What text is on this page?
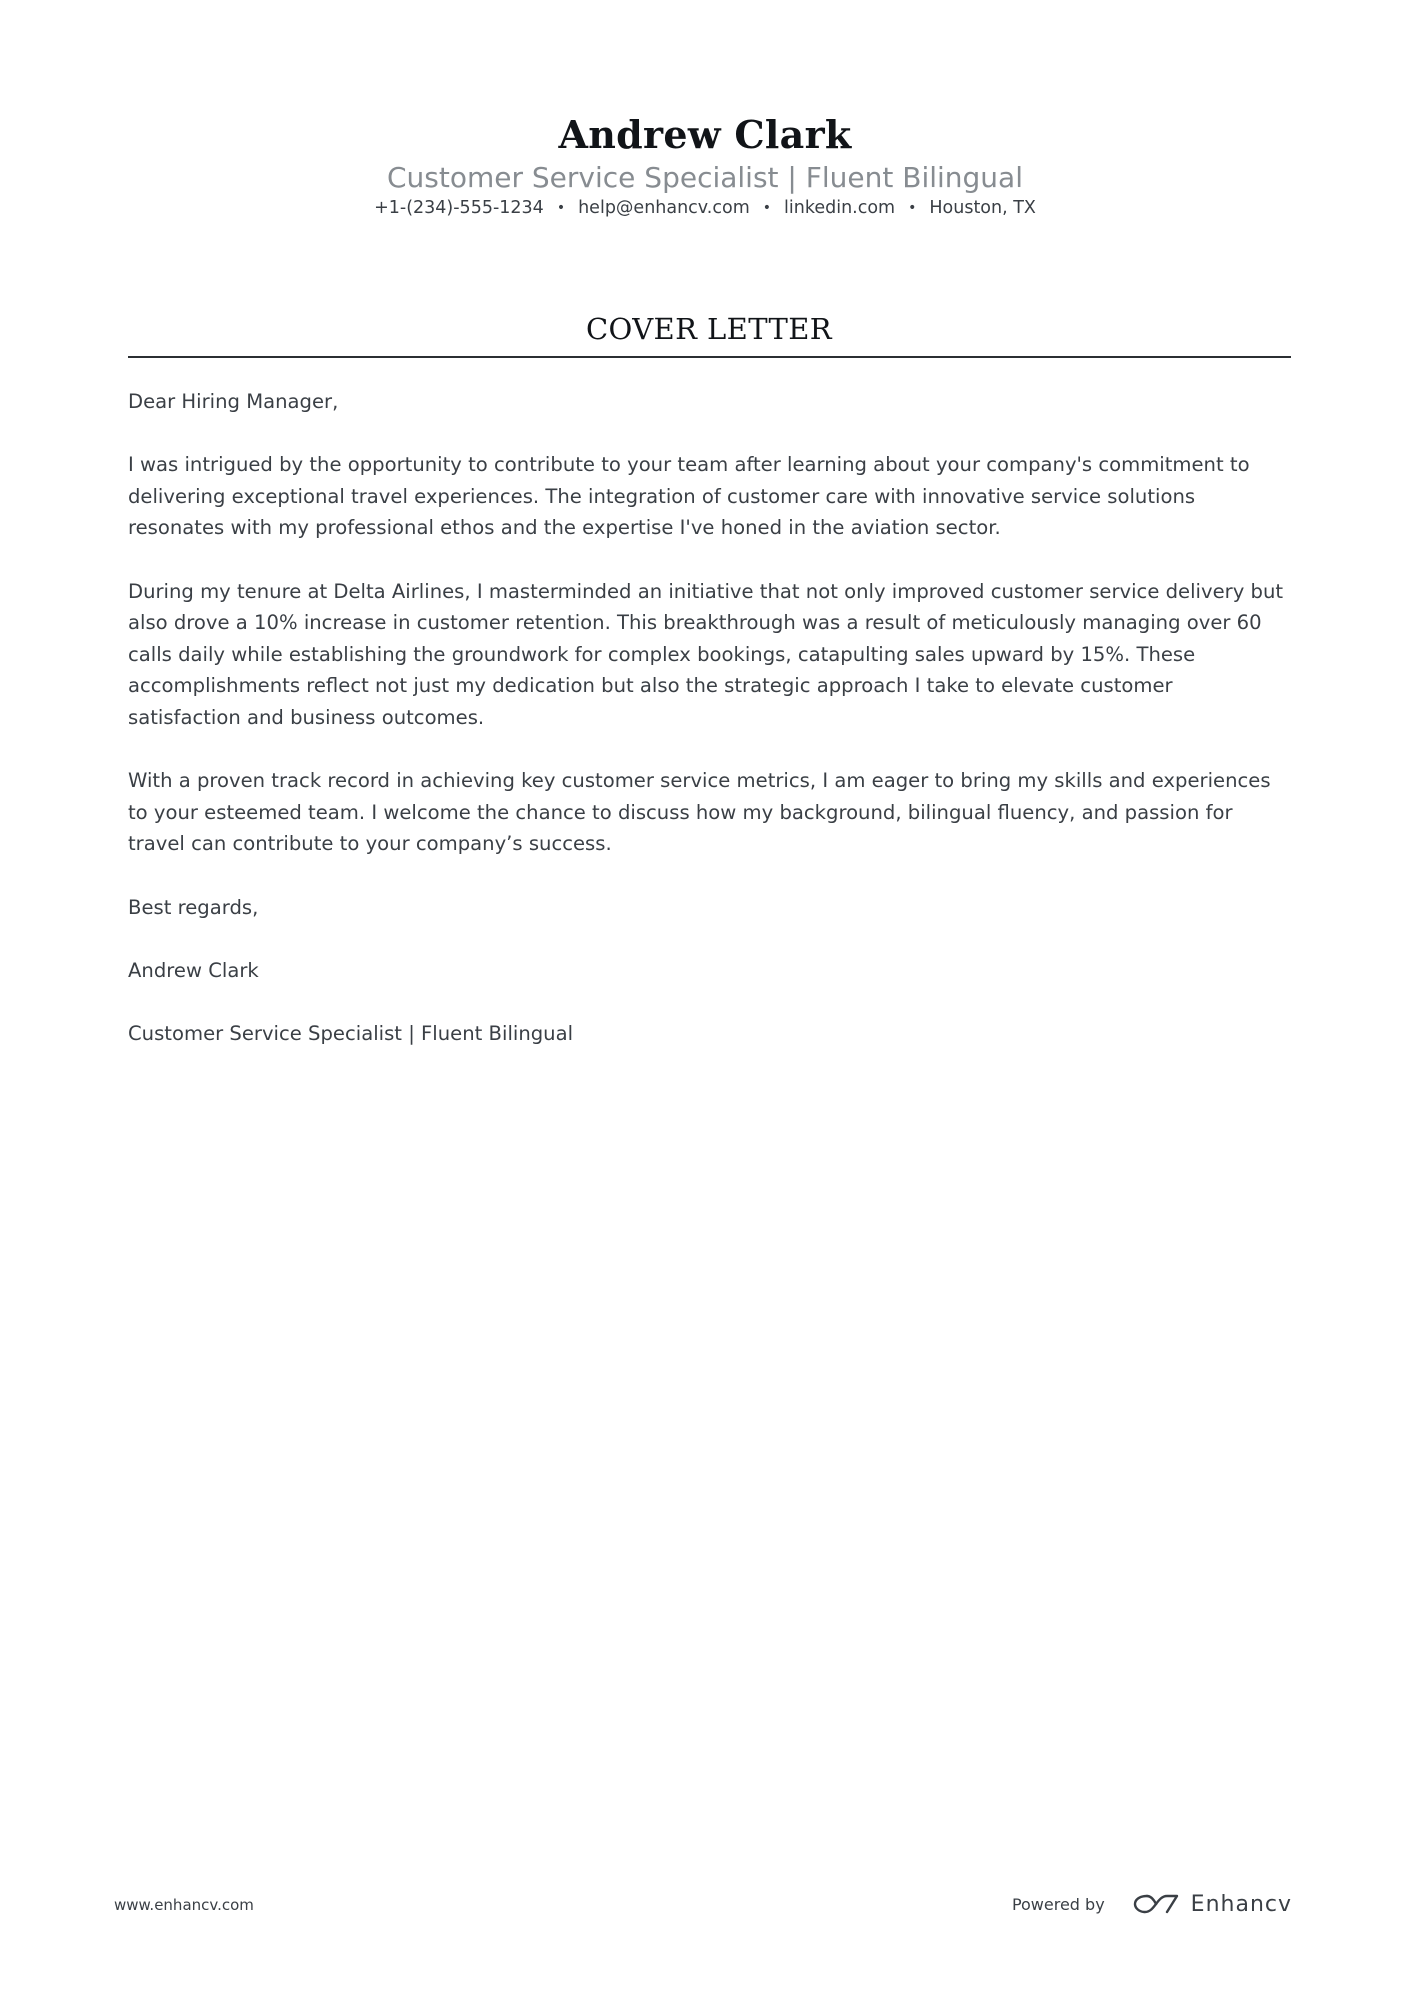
Andrew Clark
Customer Service Specialist | Fluent Bilingual
+1-(234)-555-1234 • help@enhancv.com • linkedin.com • Houston, TX
COVER LETTER

Dear Hiring Manager,

I was intrigued by the opportunity to contribute to your team after learning about your company's commitment to delivering exceptional travel experiences. The integration of customer care with innovative service solutions resonates with my professional ethos and the expertise I've honed in the aviation sector.

During my tenure at Delta Airlines, I masterminded an initiative that not only improved customer service delivery but also drove a 10% increase in customer retention. This breakthrough was a result of meticulously managing over 60 calls daily while establishing the groundwork for complex bookings, catapulting sales upward by 15%. These accomplishments reflect not just my dedication but also the strategic approach I take to elevate customer satisfaction and business outcomes.

With a proven track record in achieving key customer service metrics, I am eager to bring my skills and experiences to your esteemed team. I welcome the chance to discuss how my background, bilingual fluency, and passion for travel can contribute to your company’s success.

Best regards,

Andrew Clark

Customer Service Specialist | Fluent Bilingual

www.enhancv.com	Powered by	Enhancv
